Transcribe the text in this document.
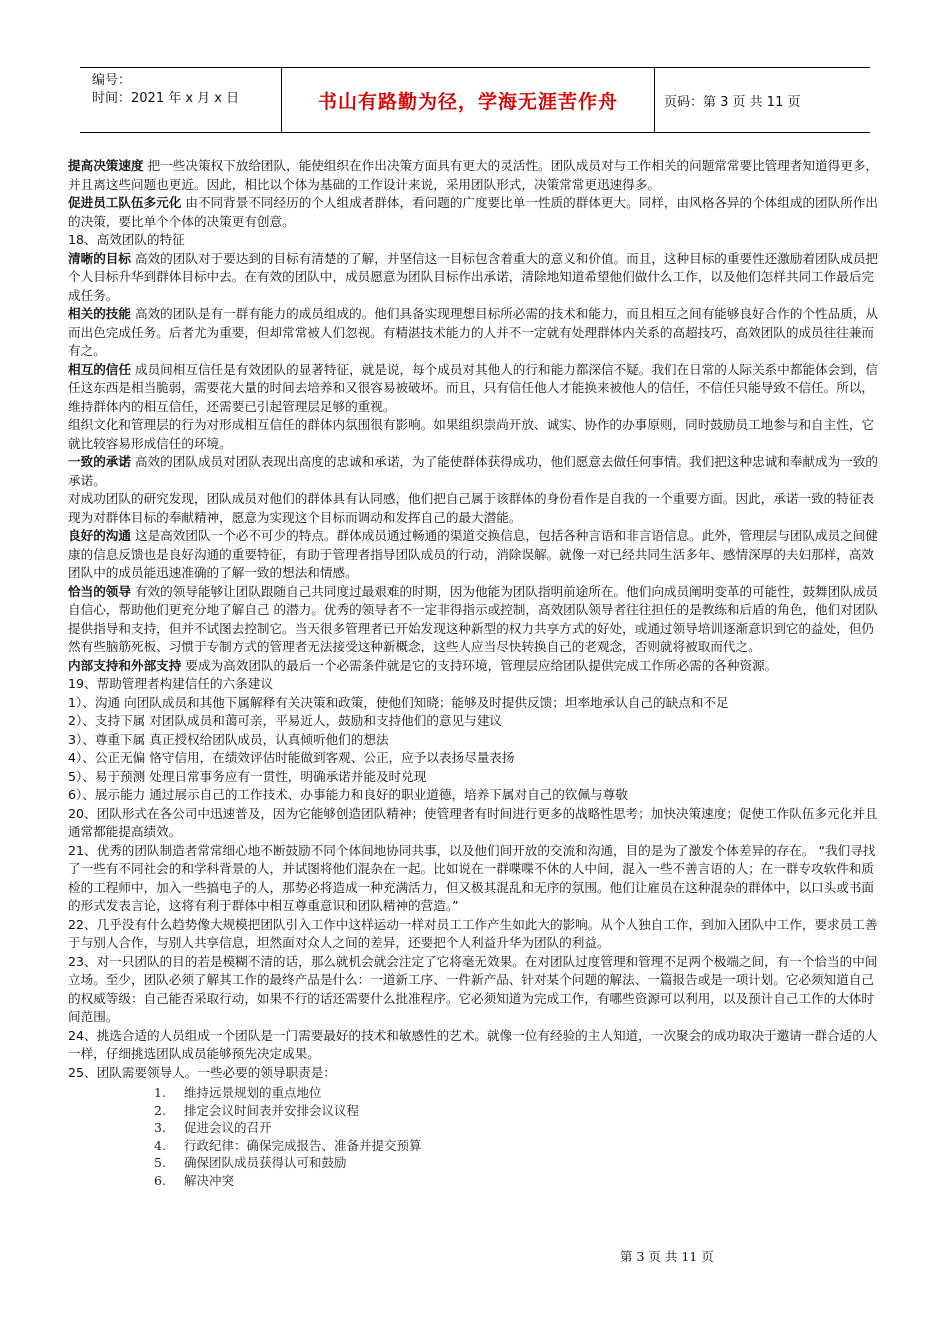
编号：
时间：2021 年 x 月 x 日	书山有路勤为径，学海无涯苦作舟	页码：第 3 页 共 11 页

提高决策速度 把一些决策权下放给团队，能使组织在作出决策方面具有更大的灵活性。团队成员对与工作相关的问题常常要比管理者知道得更多，并且离这些问题也更近。因此，相比以个体为基础的工作设计来说，采用团队形式，决策常常更迅速得多。

促进员工队伍多元化 由不同背景不同经历的个人组成者群体，看问题的广度要比单一性质的群体更大。同样，由风格各异的个体组成的团队所作出的决策，要比单个个体的决策更有创意。

18、高效团队的特征

清晰的目标 高效的团队对于要达到的目标有清楚的了解，并坚信这一目标包含着重大的意义和价值。而且，这种目标的重要性还激励着团队成员把个人目标升华到群体目标中去。在有效的团队中，成员愿意为团队目标作出承诺，清除地知道希望他们做什么工作，以及他们怎样共同工作最后完成任务。

相关的技能 高效的团队是有一群有能力的成员组成的。他们具备实现理想目标所必需的技术和能力，而且相互之间有能够良好合作的个性品质，从而出色完成任务。后者尤为重要，但却常常被人们忽视。有精湛技术能力的人并不一定就有处理群体内关系的高超技巧，高效团队的成员往往兼而有之。

相互的信任 成员间相互信任是有效团队的显著特征，就是说，每个成员对其他人的行和能力都深信不疑。我们在日常的人际关系中都能体会到，信任这东西是相当脆弱，需要花大量的时间去培养和又很容易被破坏。而且，只有信任他人才能换来被他人的信任，不信任只能导致不信任。所以，维持群体内的相互信任，还需要已引起管理层足够的重视。

组织文化和管理层的行为对形成相互信任的群体内氛围很有影响。如果组织崇尚开放、诚实、协作的办事原则，同时鼓励员工地参与和自主性，它就比较容易形成信任的环境。

一致的承诺 高效的团队成员对团队表现出高度的忠诚和承诺，为了能使群体获得成功，他们愿意去做任何事情。我们把这种忠诚和奉献成为一致的承诺。

对成功团队的研究发现，团队成员对他们的群体具有认同感，他们把自己属于该群体的身份看作是自我的一个重要方面。因此，承诺一致的特征表现为对群体目标的奉献精神，愿意为实现这个目标而调动和发挥自己的最大潜能。

良好的沟通 这是高效团队一个必不可少的特点。群体成员通过畅通的渠道交换信息，包括各种言语和非言语信息。此外，管理层与团队成员之间健康的信息反馈也是良好沟通的重要特征，有助于管理者指导团队成员的行动，消除误解。就像一对已经共同生活多年、感情深厚的夫妇那样，高效团队中的成员能迅速准确的了解一致的想法和情感。

恰当的领导 有效的领导能够让团队跟随自己共同度过最艰难的时期，因为他能为团队指明前途所在。他们向成员阐明变革的可能性，鼓舞团队成员自信心，帮助他们更充分地了解自己 的潜力。优秀的领导者不一定非得指示或控制，高效团队领导者往往担任的是教练和后盾的角色，他们对团队提供指导和支持，但并不试图去控制它。当天很多管理者已开始发现这种新型的权力共享方式的好处，或通过领导培训逐渐意识到它的益处，但仍然有些脑筋死板、习惯于专制方式的管理者无法接受这种新概念，这些人应当尽快转换自己的老观念，否则就将被取而代之。

内部支持和外部支持 要成为高效团队的最后一个必需条件就是它的支持环境，管理层应给团队提供完成工作所必需的各种资源。

19、帮助管理者构建信任的六条建议

1）、沟通 向团队成员和其他下属解释有关决策和政策，使他们知晓；能够及时提供反馈；坦率地承认自己的缺点和不足

2）、支持下属 对团队成员和蔼可亲，平易近人，鼓励和支持他们的意见与建议

3）、尊重下属 真正授权给团队成员，认真倾听他们的想法

4）、公正无偏 恪守信用，在绩效评估时能做到客观、公正，应予以表扬尽量表扬

5）、易于预测 处理日常事务应有一贯性，明确承诺并能及时兑现

6）、展示能力 通过展示自己的工作技术、办事能力和良好的职业道德，培养下属对自己的钦佩与尊敬

20、团队形式在各公司中迅速普及，因为它能够创造团队精神；使管理者有时间进行更多的战略性思考；加快决策速度；促使工作队伍多元化并且通常都能提高绩效。

21、优秀的团队制造者常常细心地不断鼓励不同个体间地协同共事，以及他们间开放的交流和沟通，目的是为了激发个体差异的存在。 “我们寻找了一些有不同社会的和学科背景的人，并试图将他们混杂在一起。比如说在一群喋喋不休的人中间，混入一些不善言语的人；在一群专攻软件和质检的工程师中，加入一些搞电子的人，那势必将造成一种充满活力，但又极其混乱和无序的氛围。他们让雇员在这种混杂的群体中，以口头或书面的形式发表言论，这将有利于群体中相互尊重意识和团队精神的营造。”

22、几乎没有什么趋势像大规模把团队引入工作中这样运动一样对员工工作产生如此大的影响。从个人独自工作，到加入团队中工作，要求员工善于与别人合作，与别人共享信息，坦然面对众人之间的差异，还要把个人利益升华为团队的利益。

23、对一只团队的目的若是模糊不清的话，那么就机会就会注定了它将毫无效果。在对团队过度管理和管理不足两个极端之间，有一个恰当的中间立场。至少，团队必须了解其工作的最终产品是什么：一道新工序、一件新产品、针对某个问题的解法、一篇报告或是一项计划。它必须知道自己的权威等级：自己能否采取行动，如果不行的话还需要什么批准程序。它必须知道为完成工作，有哪些资源可以利用，以及预计自己工作的大体时间范围。

24、挑选合适的人员组成一个团队是一门需要最好的技术和敏感性的艺术。就像一位有经验的主人知道，一次聚会的成功取决于邀请一群合适的人一样，仔细挑选团队成员能够预先决定成果。

25、团队需要领导人。一些必要的领导职责是：

1. 维持远景规划的重点地位
2. 排定会议时间表并安排会议议程
3. 促进会议的召开
4. 行政纪律：确保完成报告、准备并提交预算
5. 确保团队成员获得认可和鼓励
6. 解决冲突
第 3 页 共 11 页
